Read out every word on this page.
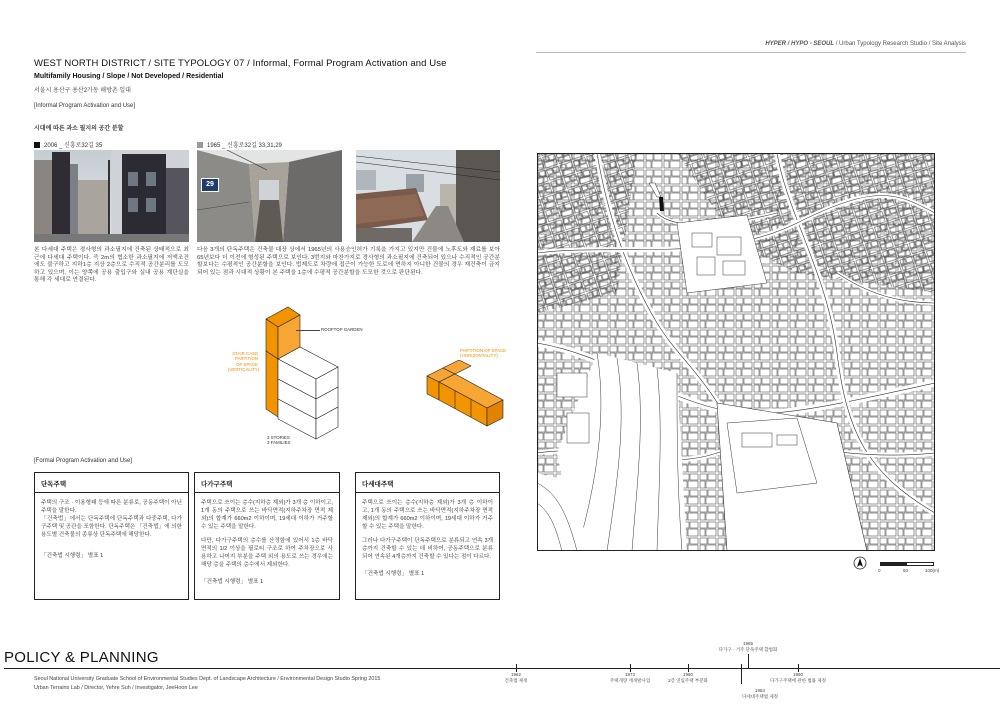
HYPER / HYPO - SEOUL / Urban Typology Research Studio / Site Analysis
WEST NORTH DISTRICT / SITE TYPOLOGY 07 / Informal, Formal Program Activation and Use
Multifamily Housing / Slope / Not Developed / Residential
서울시 용산구 용산2가동 해방촌 일대
[Informal Program Activation and Use]
시대에 따른 과소 필지의 공간 분할
2006 _ 신흥로32길 35
본 다세대 주택은 경사형의 과소필지에 건축된 상태적으로 최근에 다세대 주택이다. 즉 2m의 협소한 과소필지에 저액조건에도 불구하고 지하1층 지상 2층으로 수직적 공간분리를 도모하고 있으며, 이는 양쪽에 공용 출입구와 실내 공용 계단실을 통해 각 세대로 연결된다.
1965 _ 신흥로32길 33,31,29
29
다음 3개의 단독주택은 건축물 대장 상에서 1965년의 사용승인허가 기록을 가지고 있지만 건물에 노후도와 재료를 보아 65년보다 더 이전에 형성된 주택으로 보인다. 3번지와 마찬가지로 경사형의 과소필지에 건축되어 있으나 수직적인 공간분할보다는 수평적인 공간분할을 보인다. 법제도로 차량에 접근이 가능한 도로에 면하지 아니한 건물의 경우 재건축이 금지되어 있는 점과 시대적 상황이 본 주택을 1층에 수평적 공간분할을 도모한 것으로 판단된다.
ROOFTOP GARDEN
STAIR CASE
PARTITION OF SPACE
(VERTICALITY)
3 STORIES
3 FAMILIES
PARTITION OF SPACE
(HORIZONTALITY)
[Formal Program Activation and Use]
단독주택
주택의 구조 · 이용형태 등에 따른 분류로, 공동주택이 아닌 주택을 말한다.
「건축법」에서는 단독주택에 단독주택과 다중주택, 다가구주택 및 공관을 포함한다. 단독주택은 「건축법」에 의한 용도별 건축물의 종류상 단독주택에 해당한다.
「건축법 시행령」 별표 1
다가구주택
주택으로 쓰이는 층수(지하층 제외)가 3개 층 이하이고, 1개 동의 주택으로 쓰는 바닥면적(지하주차장 면적 제외)의 합계가 660m2 이하이며, 19세대 이하가 거주할 수 있는 주택을 말한다.
다만, 다가구주택의 층수를 산정함에 있어서 1층 바닥면적의 1/2 이상을 필로티 구조로 하여 주차장으로 사용하고 나머지 부분을 주택 외의 용도로 쓰는 경우에는 해당 층을 주택의 층수에서 제외한다.
「건축법 시행령」 별표 1
다세대주택
주택으로 쓰이는 층수(지하층 제외)가 3개 층 이하이고, 1개 동의 주택으로 쓰는 바닥면적(지하주차장 면적 제외)의 합계가 660m2 이하이며, 19세대 이하가 거주할 수 있는 주택을 말한다.
그러나 다가구주택이 단독주택으로 분류되고 연속 3개층까지 건축할 수 있는 데 비하여, 공동주택으로 분류되어 연속된 4개층까지 건축할 수 있다는 점이 다르다.
「건축법 시행령」 별표 1
0	50	100(m)
POLICY & PLANNING
Seoul National University Graduate School of Environmental Studies Dept. of Landscape Architecture / Environmental Design Studio Spring 2015
Urban Terrains Lab / Director, Yehre Suh / Investigator, JeeHoon Lee
1962
건축법 제정
1973
주택개량 재개발사업
1980
2층 연립주택 부분화
1985
다가구 · 거주 단독주택 합법화
1984
다세대주택법 제정
1990
다가구주택에 관한 법률 제정
